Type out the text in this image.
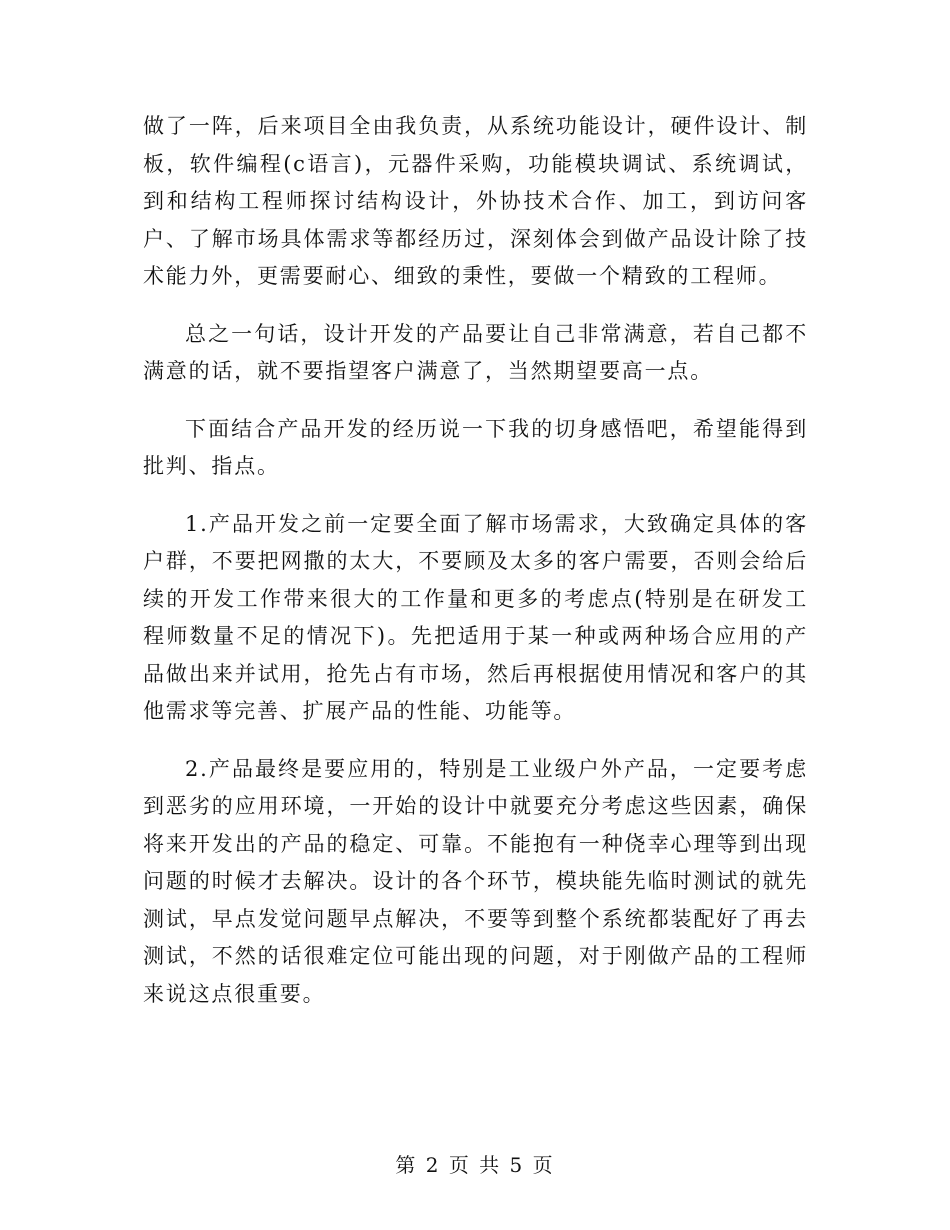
做了一阵，后来项目全由我负责，从系统功能设计，硬件设计、制板，软件编程(c语言)，元器件采购，功能模块调试、系统调试，到和结构工程师探讨结构设计，外协技术合作、加工，到访问客户、了解市场具体需求等都经历过，深刻体会到做产品设计除了技术能力外，更需要耐心、细致的秉性，要做一个精致的工程师。

总之一句话，设计开发的产品要让自己非常满意，若自己都不满意的话，就不要指望客户满意了，当然期望要高一点。

下面结合产品开发的经历说一下我的切身感悟吧，希望能得到批判、指点。

1.产品开发之前一定要全面了解市场需求，大致确定具体的客户群，不要把网撒的太大，不要顾及太多的客户需要，否则会给后续的开发工作带来很大的工作量和更多的考虑点(特别是在研发工程师数量不足的情况下)。先把适用于某一种或两种场合应用的产品做出来并试用，抢先占有市场，然后再根据使用情况和客户的其他需求等完善、扩展产品的性能、功能等。

2.产品最终是要应用的，特别是工业级户外产品，一定要考虑到恶劣的应用环境，一开始的设计中就要充分考虑这些因素，确保将来开发出的产品的稳定、可靠。不能抱有一种侥幸心理等到出现问题的时候才去解决。设计的各个环节，模块能先临时测试的就先测试，早点发觉问题早点解决，不要等到整个系统都装配好了再去测试，不然的话很难定位可能出现的问题，对于刚做产品的工程师来说这点很重要。

第 2 页 共 5 页
